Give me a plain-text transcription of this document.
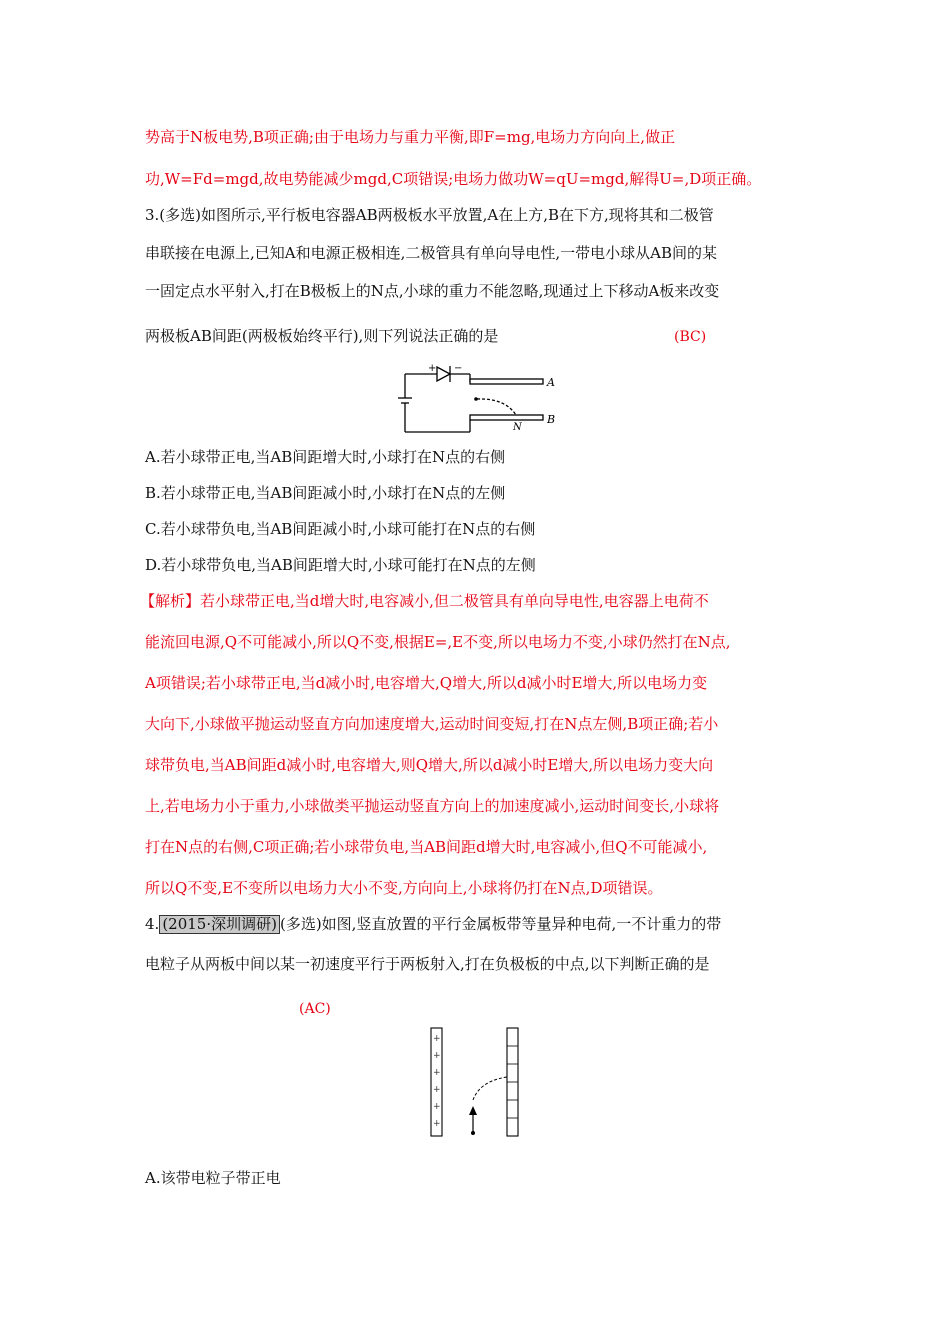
势高于N板电势,B项正确;由于电场力与重力平衡,即F=mg,电场力方向向上,做正
功,W=Fd=mgd,故电势能减少mgd,C项错误;电场力做功W=qU=mgd,解得U=,D项正确。
3.(多选)如图所示,平行板电容器AB两极板水平放置,A在上方,B在下方,现将其和二极管
串联接在电源上,已知A和电源正极相连,二极管具有单向导电性,一带电小球从AB间的某
一固定点水平射入,打在B极板上的N点,小球的重力不能忽略,现通过上下移动A板来改变
两极板AB间距(两极板始终平行),则下列说法正确的是	(BC)
+ −
A
B
N
A.若小球带正电,当AB间距增大时,小球打在N点的右侧
B.若小球带正电,当AB间距减小时,小球打在N点的左侧
C.若小球带负电,当AB间距减小时,小球可能打在N点的右侧
D.若小球带负电,当AB间距增大时,小球可能打在N点的左侧
【解析】若小球带正电,当d增大时,电容减小,但二极管具有单向导电性,电容器上电荷不
能流回电源,Q不可能减小,所以Q不变,根据E=,E不变,所以电场力不变,小球仍然打在N点,
A项错误;若小球带正电,当d减小时,电容增大,Q增大,所以d减小时E增大,所以电场力变
大向下,小球做平抛运动竖直方向加速度增大,运动时间变短,打在N点左侧,B项正确;若小
球带负电,当AB间距d减小时,电容增大,则Q增大,所以d减小时E增大,所以电场力变大向
上,若电场力小于重力,小球做类平抛运动竖直方向上的加速度减小,运动时间变长,小球将
打在N点的右侧,C项正确;若小球带负电,当AB间距d增大时,电容减小,但Q不可能减小,
所以Q不变,E不变所以电场力大小不变,方向向上,小球将仍打在N点,D项错误。
4. (2015·深圳调研) (多选)如图,竖直放置的平行金属板带等量异种电荷,一不计重力的带
电粒子从两板中间以某一初速度平行于两板射入,打在负极板的中点,以下判断正确的是
(AC)
+
+
+
+
+
+
A.该带电粒子带正电
